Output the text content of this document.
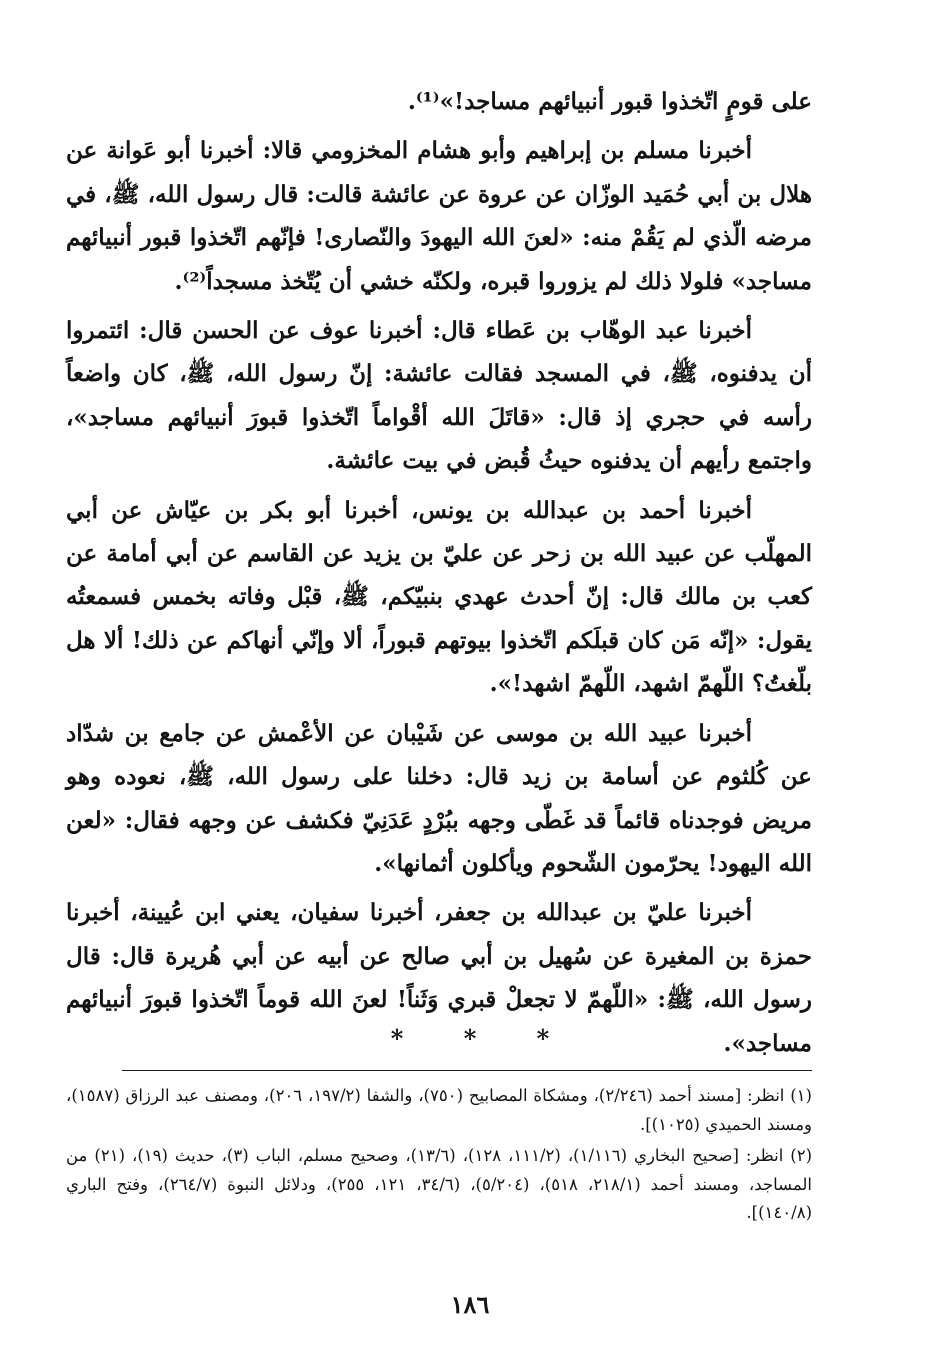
على قومٍ اتّخذوا قبور أنبيائهم مساجد!»⁽¹⁾.

أخبرنا مسلم بن إبراهيم وأبو هشام المخزومي قالا: أخبرنا أبو عَوانة عن هلال بن أبي حُمَيد الوزّان عن عروة عن عائشة قالت: قال رسول الله، ﷺ، في مرضه الّذي لم يَقُمْ منه: «لعنَ الله اليهودَ والنّصارى! فإنّهم اتّخذوا قبور أنبيائهم مساجد» فلولا ذلك لم يزوروا قبره، ولكنّه خشي أن يُتّخذ مسجداً⁽²⁾.

أخبرنا عبد الوهّاب بن عَطاء قال: أخبرنا عوف عن الحسن قال: ائتمروا أن يدفنوه، ﷺ، في المسجد فقالت عائشة: إنّ رسول الله، ﷺ، كان واضعاً رأسه في حجري إذ قال: «قاتَلَ الله أقْواماً اتّخذوا قبورَ أنبيائهم مساجد»، واجتمع رأيهم أن يدفنوه حيثُ قُبض في بيت عائشة.

أخبرنا أحمد بن عبدالله بن يونس، أخبرنا أبو بكر بن عيّاش عن أبي المهلّب عن عبيد الله بن زحر عن عليّ بن يزيد عن القاسم عن أبي أمامة عن كعب بن مالك قال: إنّ أحدث عهدي بنبيّكم، ﷺ، قبْل وفاته بخمس فسمعتُه يقول: «إنّه مَن كان قبلَكم اتّخذوا بيوتهم قبوراً، ألا وإنّي أنهاكم عن ذلك! ألا هل بلّغتُ؟ اللّهمّ اشهد، اللّهمّ اشهد!».

أخبرنا عبيد الله بن موسى عن شَيْبان عن الأعْمش عن جامع بن شدّاد عن كُلثوم عن أسامة بن زيد قال: دخلنا على رسول الله، ﷺ، نعوده وهو مريض فوجدناه قائماً قد غَطّى وجهه ببُرْدٍ عَدَنِيّ فكشف عن وجهه فقال: «لعن الله اليهود! يحرّمون الشّحوم ويأكلون أثمانها».

أخبرنا عليّ بن عبدالله بن جعفر، أخبرنا سفيان، يعني ابن عُيينة، أخبرنا حمزة بن المغيرة عن سُهيل بن أبي صالح عن أبيه عن أبي هُريرة قال: قال رسول الله، ﷺ: «اللّهمّ لا تجعلْ قبري وَثَناً! لعنَ الله قوماً اتّخذوا قبورَ أنبيائهم مساجد».

*	*	*

(١) انظر: [مسند أحمد (٢/٢٤٦)، ومشكاة المصابيح (٧٥٠)، والشفا (١٩٧/٢، ٢٠٦)، ومصنف عبد الرزاق (١٥٨٧)، ومسند الحميدي (١٠٢٥)].

(٢) انظر: [صحيح البخاري (١/١١٦)، (١١١/٢، ١٢٨)، (١٣/٦)، وصحيح مسلم، الباب (٣)، حديث (١٩)، (٢١) من المساجد، ومسند أحمد (٢١٨/١، ٥١٨)، (٥/٢٠٤)، (٣٤/٦، ١٢١، ٢٥٥)، ودلائل النبوة (٢٦٤/٧)، وفتح الباري (١٤٠/٨)].

١٨٦
